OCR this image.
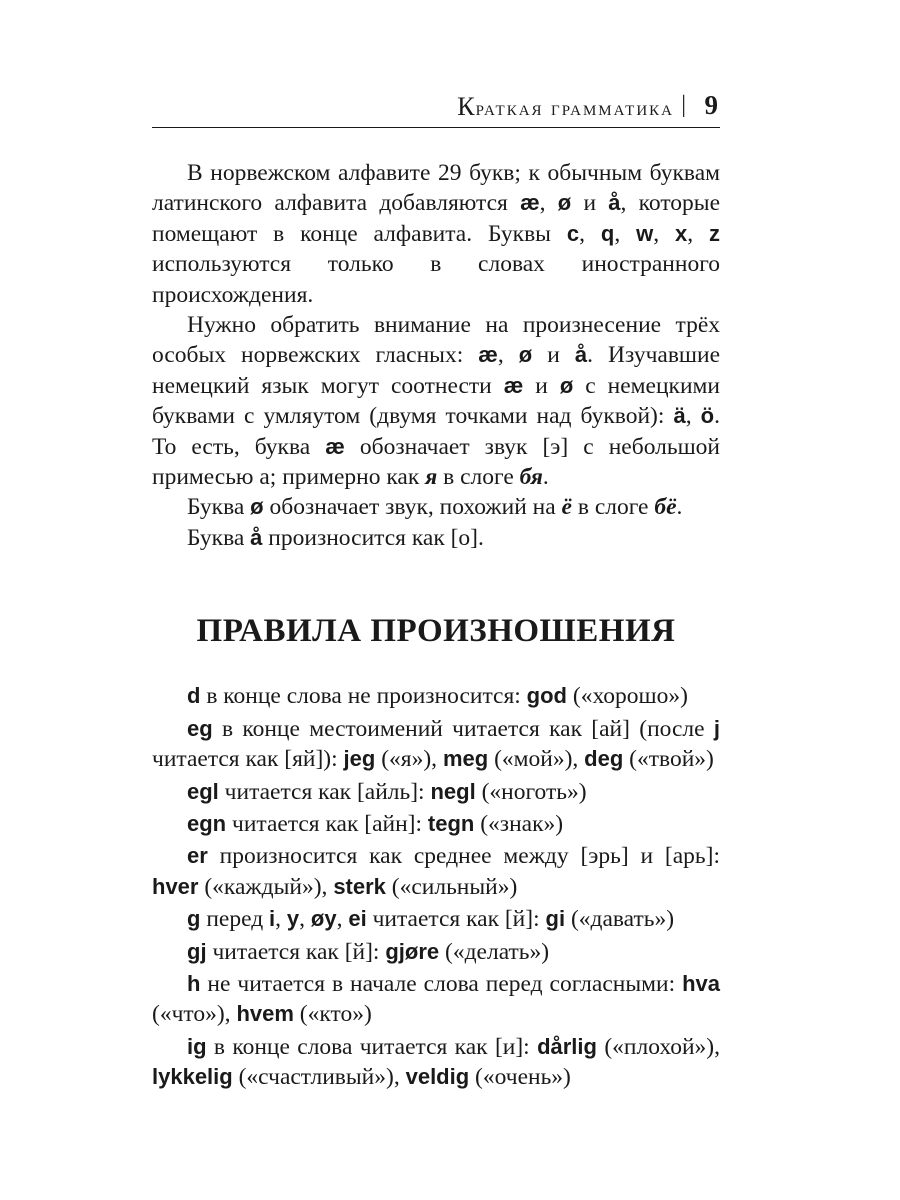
Краткая грамматика | 9

В норвежском алфавите 29 букв; к обычным буквам латинского алфавита добавляются æ, ø и å, которые помещают в конце алфавита. Буквы c, q, w, x, z используются только в словах иностранного происхождения.

Нужно обратить внимание на произнесение трёх особых норвежских гласных: æ, ø и å. Изучавшие немецкий язык могут соотнести æ и ø с немецкими буквами с умляутом (двумя точками над буквой): ä, ö. То есть, буква æ обозначает звук [э] с небольшой примесью а; примерно как я в слоге бя.

Буква ø обозначает звук, похожий на ё в слоге бё.

Буква å произносится как [о].

ПРАВИЛА ПРОИЗНОШЕНИЯ

d в конце слова не произносится: god («хорошо»)

eg в конце местоимений читается как [ай] (после j читается как [яй]): jeg («я»), meg («мой»), deg («твой»)

egl читается как [айль]: negl («ноготь»)

egn читается как [айн]: tegn («знак»)

er произносится как среднее между [эрь] и [арь]: hver («каждый»), sterk («сильный»)

g перед i, y, øy, ei читается как [й]: gi («давать»)

gj читается как [й]: gjøre («делать»)

h не читается в начале слова перед согласными: hva («что»), hvem («кто»)

ig в конце слова читается как [и]: dårlig («плохой»), lykkelig («счастливый»), veldig («очень»)
